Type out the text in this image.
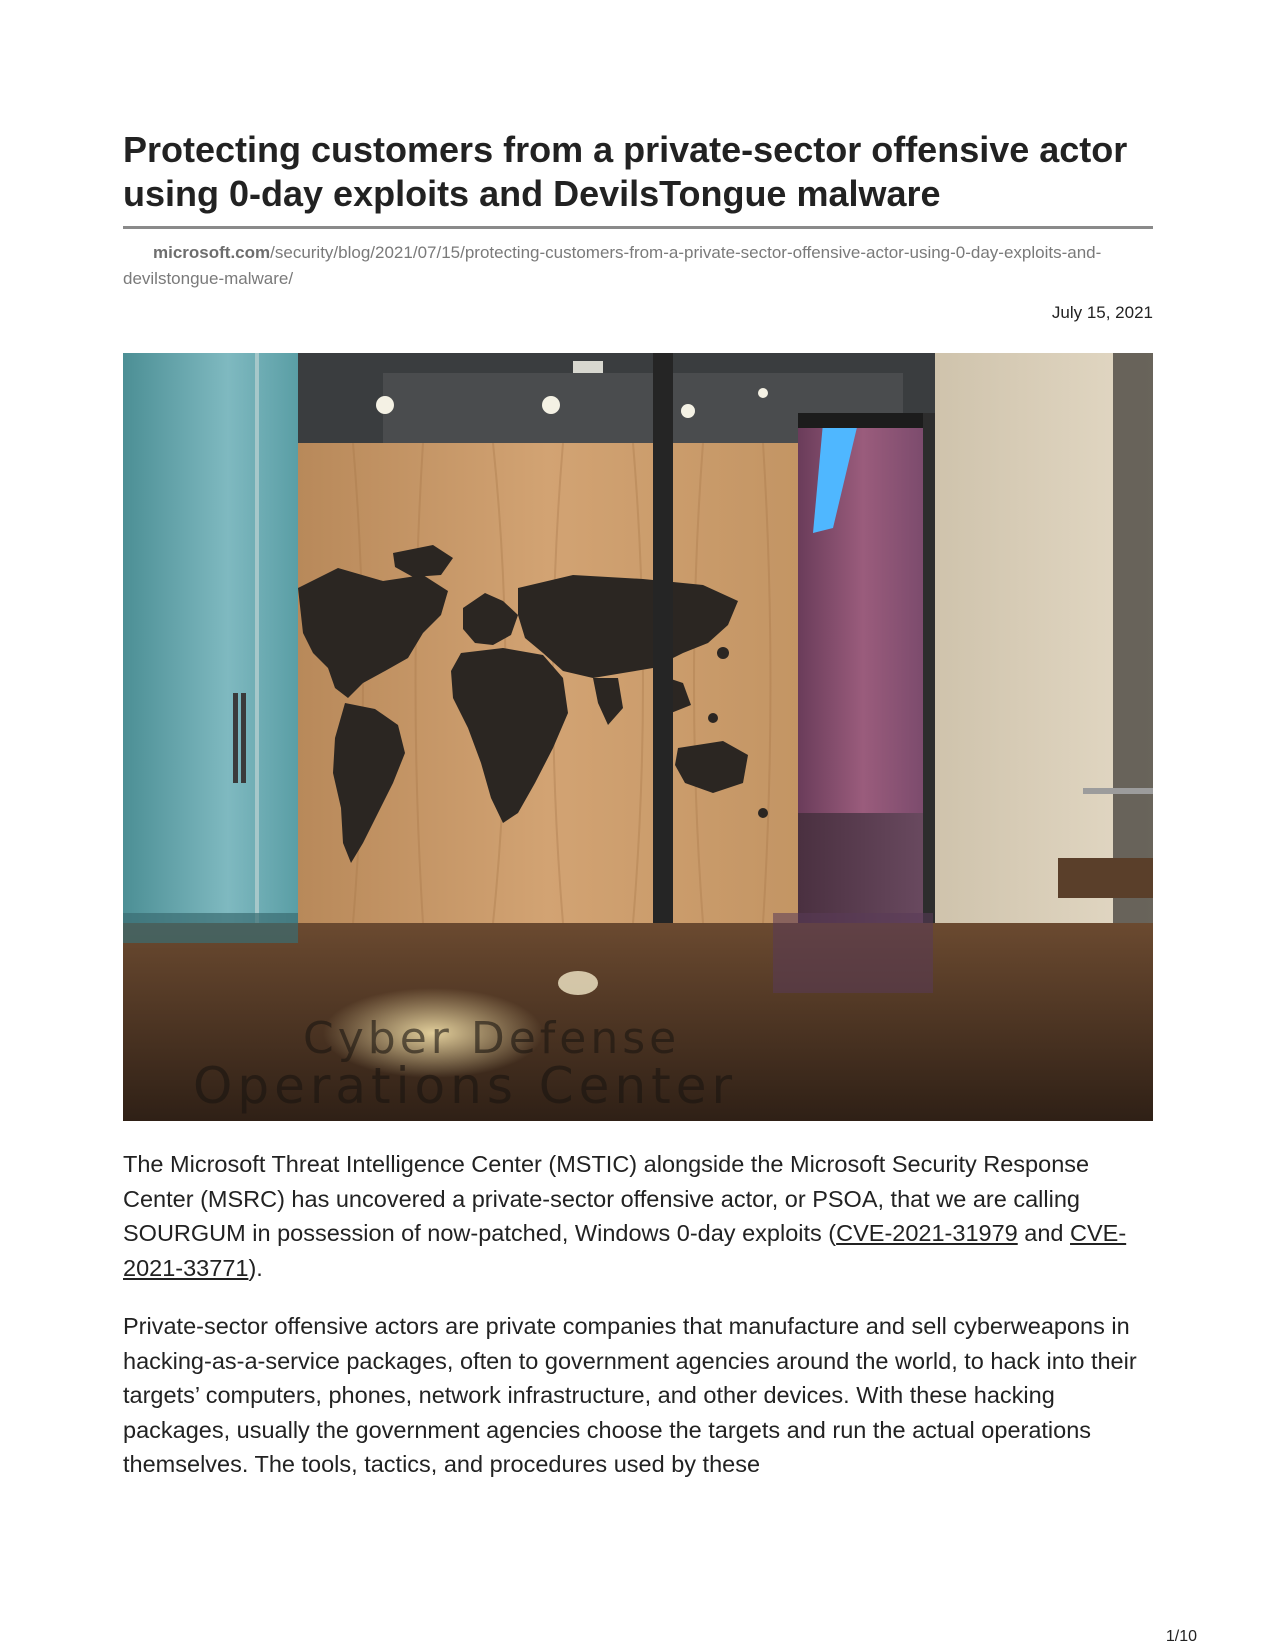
Protecting customers from a private-sector offensive actor using 0-day exploits and DevilsTongue malware
microsoft.com/security/blog/2021/07/15/protecting-customers-from-a-private-sector-offensive-actor-using-0-day-exploits-and-devilstongue-malware/
July 15, 2021
Cyber Defense
Operations Center

The Microsoft Threat Intelligence Center (MSTIC) alongside the Microsoft Security Response Center (MSRC) has uncovered a private-sector offensive actor, or PSOA, that we are calling SOURGUM in possession of now-patched, Windows 0-day exploits (CVE-2021-31979 and CVE-2021-33771).

Private-sector offensive actors are private companies that manufacture and sell cyberweapons in hacking-as-a-service packages, often to government agencies around the world, to hack into their targets’ computers, phones, network infrastructure, and other devices. With these hacking packages, usually the government agencies choose the targets and run the actual operations themselves. The tools, tactics, and procedures used by these

1/10
